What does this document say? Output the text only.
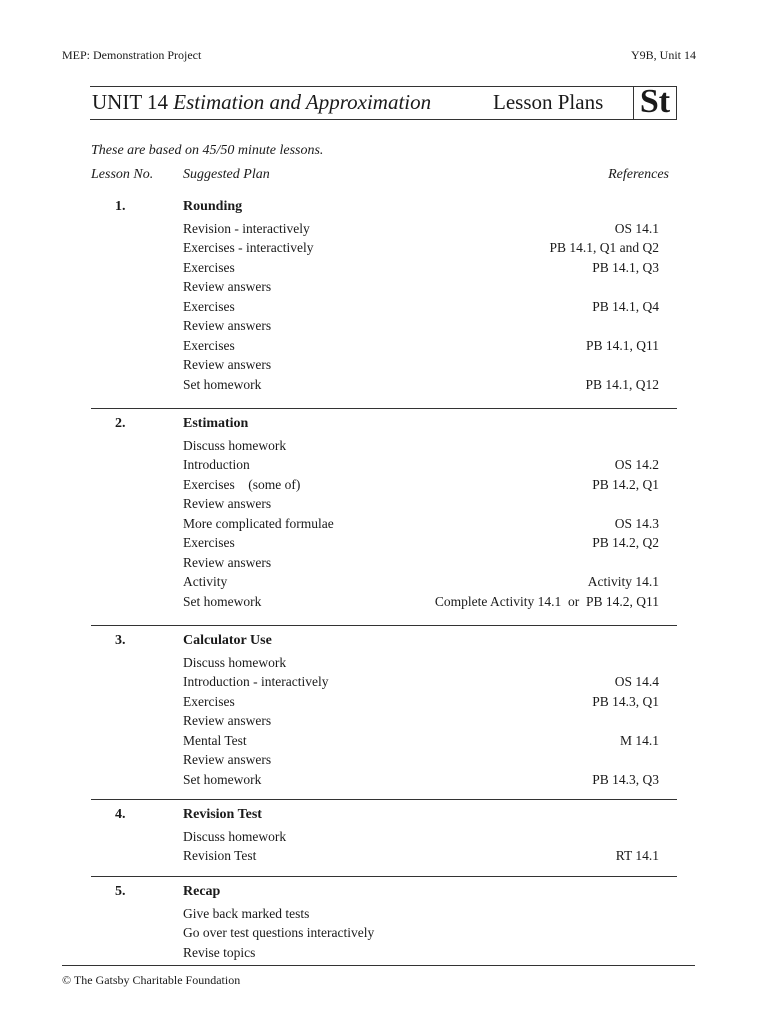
MEP: Demonstration Project	Y9B, Unit 14
UNIT 14 Estimation and Approximation	Lesson Plans St
These are based on 45/50 minute lessons.
Lesson No. Suggested Plan	References
1.	Rounding
Revision - interactively	OS 14.1
Exercises - interactively	PB 14.1, Q1 and Q2
Exercises	PB 14.1, Q3
Review answers
Exercises	PB 14.1, Q4
Review answers
Exercises	PB 14.1, Q11
Review answers
Set homework	PB 14.1, Q12
2.	Estimation
Discuss homework
Introduction	OS 14.2
Exercises    (some of)	PB 14.2, Q1
Review answers
More complicated formulae	OS 14.3
Exercises	PB 14.2, Q2
Review answers
Activity	Activity 14.1
Set homework	Complete Activity 14.1  or  PB 14.2, Q11
3.	Calculator Use
Discuss homework
Introduction - interactively	OS 14.4
Exercises	PB 14.3, Q1
Review answers
Mental Test	M 14.1
Review answers
Set homework	PB 14.3, Q3
4.	Revision Test
Discuss homework
Revision Test	RT 14.1
5.	Recap
Give back marked tests
Go over test questions interactively
Revise topics
© The Gatsby Charitable Foundation
